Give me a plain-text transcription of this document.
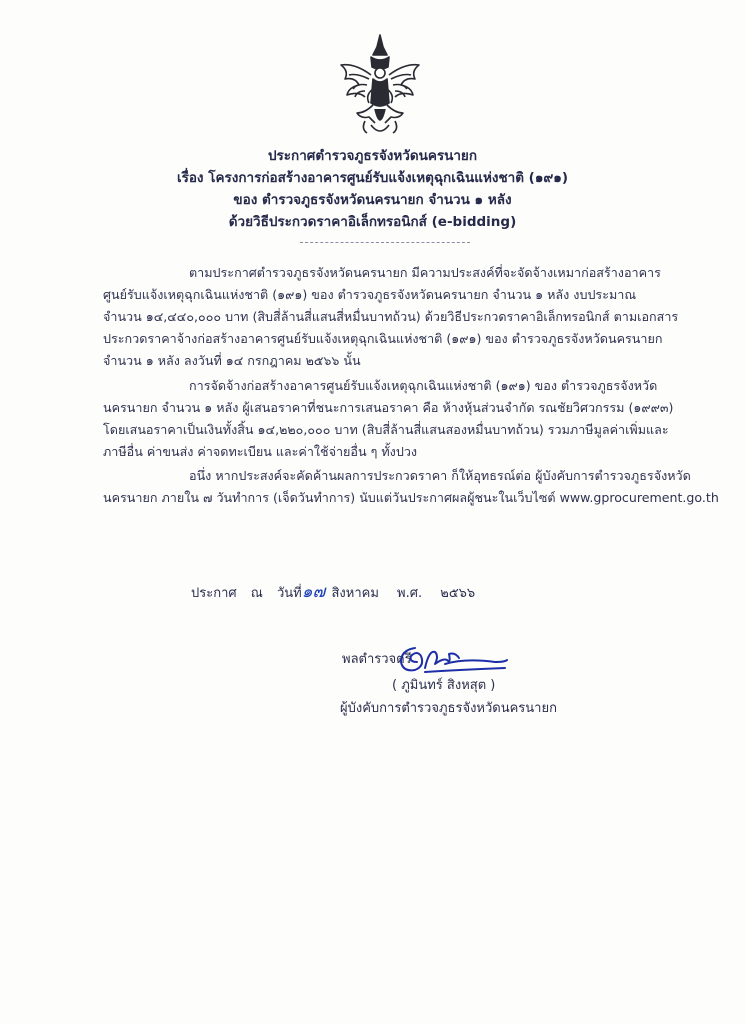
ประกาศตำรวจภูธรจังหวัดนครนายก
เรื่อง โครงการก่อสร้างอาคารศูนย์รับแจ้งเหตุฉุกเฉินแห่งชาติ (๑๙๑)
ของ ตำรวจภูธรจังหวัดนครนายก จำนวน ๑ หลัง
ด้วยวิธีประกวดราคาอิเล็กทรอนิกส์ (e-bidding)
ตามประกาศตำรวจภูธรจังหวัดนครนายก มีความประสงค์ที่จะจัดจ้างเหมาก่อสร้างอาคาร
ศูนย์รับแจ้งเหตุฉุกเฉินแห่งชาติ (๑๙๑) ของ ตำรวจภูธรจังหวัดนครนายก จำนวน ๑ หลัง งบประมาณ
จำนวน ๑๔,๔๔๐,๐๐๐ บาท (สิบสี่ล้านสี่แสนสี่หมื่นบาทถ้วน) ด้วยวิธีประกวดราคาอิเล็กทรอนิกส์ ตามเอกสาร
ประกวดราคาจ้างก่อสร้างอาคารศูนย์รับแจ้งเหตุฉุกเฉินแห่งชาติ (๑๙๑) ของ ตำรวจภูธรจังหวัดนครนายก
จำนวน ๑ หลัง ลงวันที่ ๑๔ กรกฎาคม ๒๕๖๖ นั้น
การจัดจ้างก่อสร้างอาคารศูนย์รับแจ้งเหตุฉุกเฉินแห่งชาติ (๑๙๑) ของ ตำรวจภูธรจังหวัด
นครนายก จำนวน ๑ หลัง ผู้เสนอราคาที่ชนะการเสนอราคา คือ ห้างหุ้นส่วนจำกัด รณชัยวิศวกรรม (๑๙๙๓)
โดยเสนอราคาเป็นเงินทั้งสิ้น ๑๔,๒๒๐,๐๐๐ บาท (สิบสี่ล้านสี่แสนสองหมื่นบาทถ้วน) รวมภาษีมูลค่าเพิ่มและ
ภาษีอื่น ค่าขนส่ง ค่าจดทะเบียน และค่าใช้จ่ายอื่น ๆ ทั้งปวง
อนึ่ง หากประสงค์จะคัดค้านผลการประกวดราคา ก็ให้อุทธรณ์ต่อ ผู้บังคับการตำรวจภูธรจังหวัด
นครนายก ภายใน ๗ วันทำการ (เจ็ดวันทำการ) นับแต่วันประกาศผลผู้ชนะในเว็บไซต์ www.gprocurement.go.th
ประกาศ ณ วันที่๑๗ สิงหาคม พ.ศ. ๒๕๖๖
พลตำรวจตรี
( ภูมินทร์ สิงหสุต )
ผู้บังคับการตำรวจภูธรจังหวัดนครนายก
